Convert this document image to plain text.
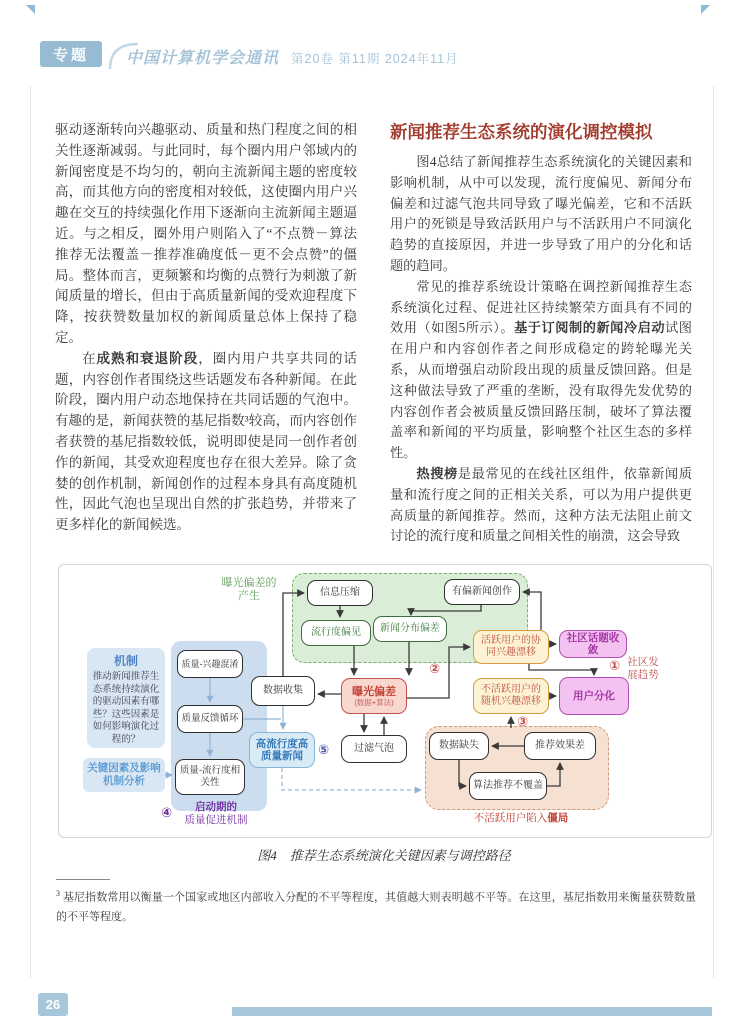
专题	中国计算机学会通讯 第20卷 第11期 2024年11月

驱动逐渐转向兴趣驱动、质量和热门程度之间的相关性逐渐减弱。与此同时，每个圈内用户邻域内的新闻密度是不均匀的，朝向主流新闻主题的密度较高，而其他方向的密度相对较低，这使圈内用户兴趣在交互的持续强化作用下逐渐向主流新闻主题逼近。与之相反，圈外用户则陷入了“不点赞－算法推荐无法覆盖－推荐准确度低－更不会点赞”的僵局。整体而言，更频繁和均衡的点赞行为刺激了新闻质量的增长，但由于高质量新闻的受欢迎程度下降，按获赞数量加权的新闻质量总体上保持了稳定。

在成熟和衰退阶段，圈内用户共享共同的话题，内容创作者围绕这些话题发布各种新闻。在此阶段，圈内用户动态地保持在共同话题的气泡中。有趣的是，新闻获赞的基尼指数³较高，而内容创作者获赞的基尼指数较低，说明即使是同一创作者创作的新闻，其受欢迎程度也存在很大差异。除了贪婪的创作机制，新闻创作的过程本身具有高度随机性，因此气泡也呈现出自然的扩张趋势，并带来了更多样化的新闻候选。

新闻推荐生态系统的演化调控模拟

图4总结了新闻推荐生态系统演化的关键因素和影响机制，从中可以发现，流行度偏见、新闻分布偏差和过滤气泡共同导致了曝光偏差，它和不活跃用户的死锁是导致活跃用户与不活跃用户不同演化趋势的直接原因，并进一步导致了用户的分化和话题的趋同。

常见的推荐系统设计策略在调控新闻推荐生态系统演化过程、促进社区持续繁荣方面具有不同的效用（如图5所示）。基于订阅制的新闻冷启动试图在用户和内容创作者之间形成稳定的跨轮曝光关系，从而增强启动阶段出现的质量反馈回路。但是这种做法导致了严重的垄断，没有取得先发优势的内容创作者会被质量反馈回路压制，破坏了算法覆盖率和新闻的平均质量，影响整个社区生态的多样性。

热搜榜是最常见的在线社区组件，依靠新闻质量和流行度之间的正相关关系，可以为用户提供更高质量的新闻推荐。然而，这种方法无法阻止前文讨论的流行度和质量之间相关性的崩溃，这会导致

曝光偏差的产生
机制
推动新闻推荐生态系统持续演化的驱动因素有哪些？这些因素是如何影响演化过程的？
关键因素及影响机制分析
信息压缩
流行度偏见	新闻分布偏差
有偏新闻创作
质量-兴趣混淆
质量反馈循环
质量-流行度相关性
数据收集	曝光偏差
(数据+算法)
过滤气泡
高流行度高质量新闻
活跃用户的协同兴趣漂移
不活跃用户的随机兴趣漂移
社区话题收敛
用户分化
数据缺失	推荐效果差
算法推荐不覆盖
① 社区发展趋势
②
③
④
⑤
启动期的
质量促进机制	不活跃用户陷入僵局
图4　推荐生态系统演化关键因素与调控路径
$^3$ 基尼指数常用以衡量一个国家或地区内部收入分配的不平等程度，其值越大则表明越不平等。在这里，基尼指数用来衡量获赞数量的不平等程度。
26
